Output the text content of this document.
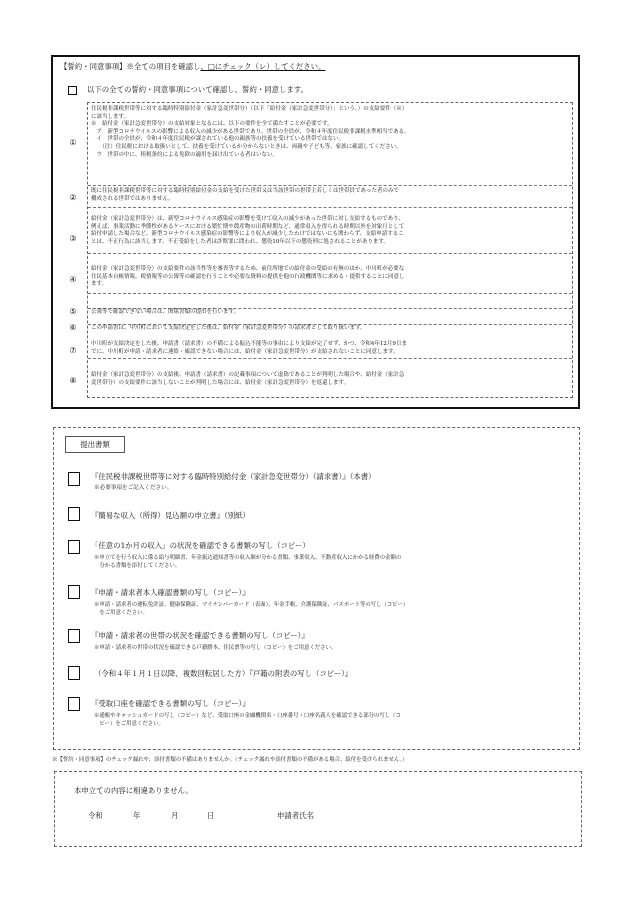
【誓約・同意事項】※全ての項目を確認し、□にチェック（レ）してください。
以下の全ての誓約・同意事項について確認し、誓約・同意します。
①
住民税非課税世帯等に対する臨時特別給付金（家計急変世帯分）（以下「給付金（家計急変世帯分）」という。）の支給要件（※）
に該当します。
※　給付金（家計急変世帯分）の支給対象となるには、以下の要件を全て満たすことが必要です。
　ア　新型コロナウイルスの影響による収入の減少がある世帯であり、世帯の全員が、令和４年度住民税非課税水準相当である。
　イ　世帯の全員が、令和４年度住民税が課されている他の親族等の扶養を受けている世帯ではない。
　　（注）住民税における取扱いとして、扶養を受けているか分からないときは、両親や子ども等、家族に確認してください。
　ウ　世帯の中に、租税条約による免除の適用を届け出ている者はいない。
②
既に住民税非課税世帯等に対する臨時特別給付金の支給を受けた世帯又は当該世帯の世帯主若しくは世帯員であった者のみで
構成される世帯ではありません。
③
給付金（家計急変世帯分）は、新型コロナウイルス感染症の影響を受けて収入の減少があった世帯に対し支給するものであり、
例えば、事業活動に季節性があるケースにおける繁忙期や農産物の出荷時期など、通常収入を得られる時期以外を対象月として
給付申請した場合など、新型コロナウイルス感染症の影響等により収入が減少したわけではないにも関わらず、支給申請するこ
とは、不正行為に該当します。不正受給をした者は詐欺罪に問われ、懲役10年以下の懲役刑に処されることがあります。
④
給付金（家計急変世帯分）の支給要件の該当性等を審査等するため、前住所地での給付金の受給の有無のほか、中川町が必要な
住民基本台帳情報、税情報等の公簿等の確認を行うことや必要な資料の提供を他の行政機関等に求める・提供することに同意し
ます。
⑤	公簿等で確認できない場合は、関係書類の提出を行います。
⑥	この申請書は、中川町において支給決定をした後は、給付金（家計急変世帯分）の請求書として取り扱います。
⑦
中川町が支給決定をした後、申請書（請求書）の不備による振込不能等の事由により支給が完了せず、かつ、令和4年12月9日ま
でに、中川町が申請・請求者に連絡・確認できない場合には、給付金（家計急変世帯分）が支給されないことに同意します。
⑧
給付金（家計急変世帯分）の支給後、申請書（請求書）の記載事項について虚偽であることが判明した場合や、給付金（家計急
変世帯分）の支給要件に該当しないことが判明した場合には、給付金（家計急変世帯分）を返還します。
提出書類
『住民税非課税世帯等に対する臨時特別給付金（家計急変世帯分）（請求書）』（本書）
※必要事項をご記入ください。
『簡易な収入（所得）見込額の申立書』（別紙）
「任意の1か月の収入」の状況を確認できる書類の写し（コピー）
※申立てを行う収入に係る給与明細書、年金振込通知書等の収入額が分かる書類、事業収入、不動産収入にかかる経費の金額の
　分かる書類を添付してください。
『申請・請求者本人確認書類の写し（コピー）』
※申請・請求者の運転免許証、健康保険証、マイナンバーカード（表面）、年金手帳、介護保険証、パスポート等の写し（コピー）
　をご用意ください。
『申請・請求者の世帯の状況を確認できる書類の写し（コピー）』
※申請・請求者の世帯の状況を確認できる戸籍謄本、住民票等の写し（コピー）をご用意ください。
（令和４年１月１日以降、複数回転居した方）『戸籍の附表の写し（コピー）』
『受取口座を確認できる書類の写し（コピー）』
※通帳やキャッシュカードの写し（コピー）など、受取口座の金融機関名・口座番号・口座名義人を確認できる部分の写し（コ
　ピー）をご用意ください。
※【誓約・同意事項】のチェック漏れや、添付書類の不備はありませんか。（チェック漏れや添付書類の不備がある場合、給付を受けられません。）
本申立ての内容に相違ありません。
令和	年	月	日	申請者氏名
